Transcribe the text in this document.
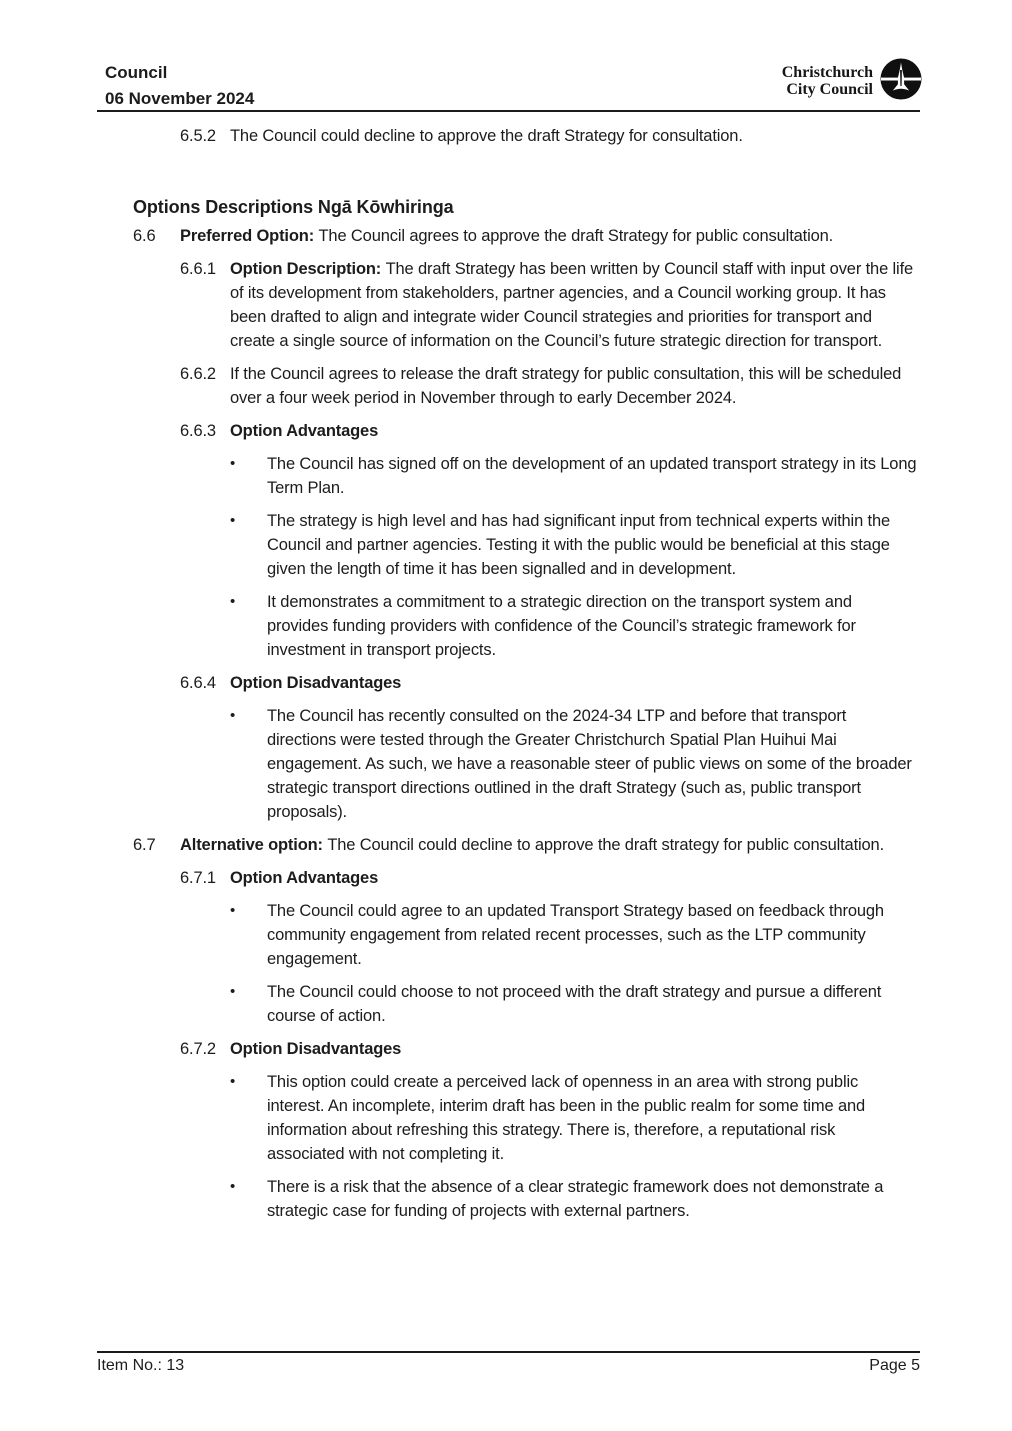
Council
06 November 2024
Christchurch
City Council
6.5.2 The Council could decline to approve the draft Strategy for consultation.
Options Descriptions Ngā Kōwhiringa
6.6	Preferred Option: The Council agrees to approve the draft Strategy for public consultation.
6.6.1 Option Description: The draft Strategy has been written by Council staff with input over the life of its development from stakeholders, partner agencies, and a Council working group. It has been drafted to align and integrate wider Council strategies and priorities for transport and create a single source of information on the Council’s future strategic direction for transport.
6.6.2 If the Council agrees to release the draft strategy for public consultation, this will be scheduled over a four week period in November through to early December 2024.
6.6.3 Option Advantages
•	The Council has signed off on the development of an updated transport strategy in its Long Term Plan.
•	The strategy is high level and has had significant input from technical experts within the Council and partner agencies. Testing it with the public would be beneficial at this stage given the length of time it has been signalled and in development.
•	It demonstrates a commitment to a strategic direction on the transport system and provides funding providers with confidence of the Council’s strategic framework for investment in transport projects.
6.6.4 Option Disadvantages
•	The Council has recently consulted on the 2024-34 LTP and before that transport directions were tested through the Greater Christchurch Spatial Plan Huihui Mai engagement. As such, we have a reasonable steer of public views on some of the broader strategic transport directions outlined in the draft Strategy (such as, public transport proposals).
6.7	Alternative option: The Council could decline to approve the draft strategy for public consultation.
6.7.1 Option Advantages
•	The Council could agree to an updated Transport Strategy based on feedback through community engagement from related recent processes, such as the LTP community engagement.
•	The Council could choose to not proceed with the draft strategy and pursue a different course of action.
6.7.2 Option Disadvantages
•	This option could create a perceived lack of openness in an area with strong public interest. An incomplete, interim draft has been in the public realm for some time and information about refreshing this strategy. There is, therefore, a reputational risk associated with not completing it.
•	There is a risk that the absence of a clear strategic framework does not demonstrate a strategic case for funding of projects with external partners.
Item No.: 13	Page 5
